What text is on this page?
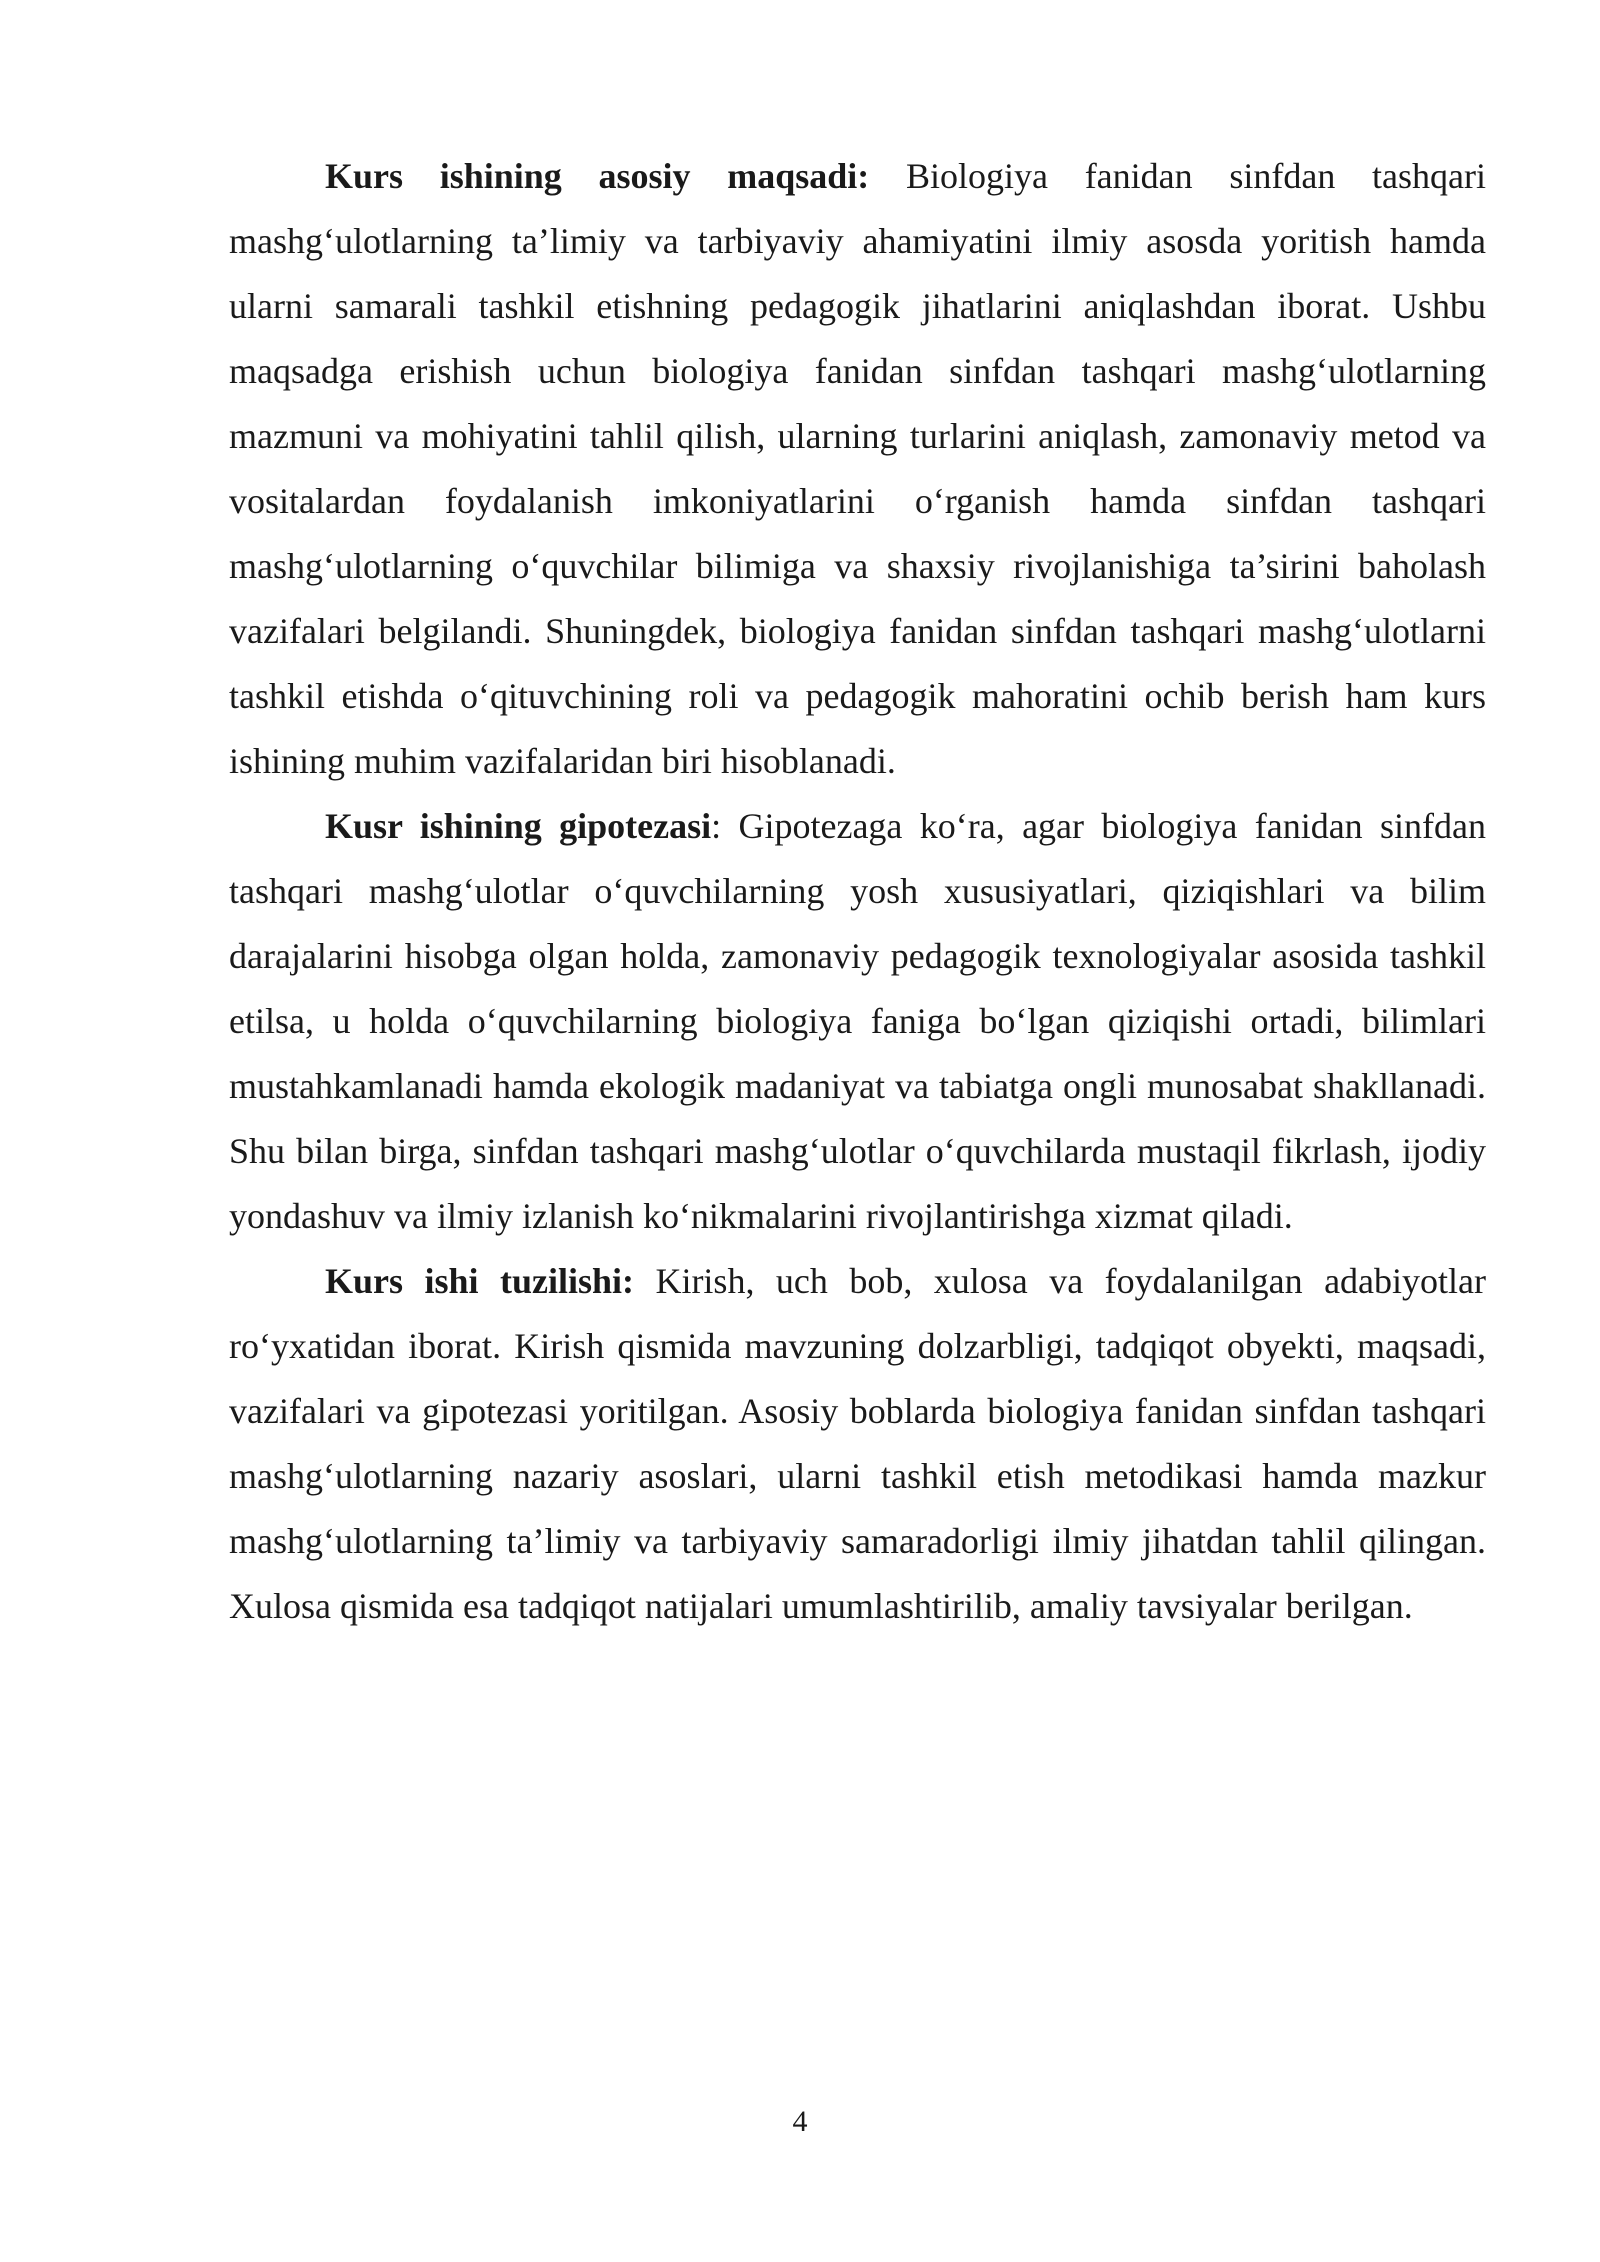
Kurs ishining asosiy maqsadi: Biologiya fanidan sinfdan tashqari mashg‘ulotlarning ta’limiy va tarbiyaviy ahamiyatini ilmiy asosda yoritish hamda ularni samarali tashkil etishning pedagogik jihatlarini aniqlashdan iborat. Ushbu maqsadga erishish uchun biologiya fanidan sinfdan tashqari mashg‘ulotlarning mazmuni va mohiyatini tahlil qilish, ularning turlarini aniqlash, zamonaviy metod va vositalardan foydalanish imkoniyatlarini o‘rganish hamda sinfdan tashqari mashg‘ulotlarning o‘quvchilar bilimiga va shaxsiy rivojlanishiga ta’sirini baholash vazifalari belgilandi. Shuningdek, biologiya fanidan sinfdan tashqari mashg‘ulotlarni tashkil etishda o‘qituvchining roli va pedagogik mahoratini ochib berish ham kurs ishining muhim vazifalaridan biri hisoblanadi.

Kusr ishining gipotezasi: Gipotezaga ko‘ra, agar biologiya fanidan sinfdan tashqari mashg‘ulotlar o‘quvchilarning yosh xususiyatlari, qiziqishlari va bilim darajalarini hisobga olgan holda, zamonaviy pedagogik texnologiyalar asosida tashkil etilsa, u holda o‘quvchilarning biologiya faniga bo‘lgan qiziqishi ortadi, bilimlari mustahkamlanadi hamda ekologik madaniyat va tabiatga ongli munosabat shakllanadi. Shu bilan birga, sinfdan tashqari mashg‘ulotlar o‘quvchilarda mustaqil fikrlash, ijodiy yondashuv va ilmiy izlanish ko‘nikmalarini rivojlantirishga xizmat qiladi.

Kurs ishi tuzilishi: Kirish, uch bob, xulosa va foydalanilgan adabiyotlar ro‘yxatidan iborat. Kirish qismida mavzuning dolzarbligi, tadqiqot obyekti, maqsadi, vazifalari va gipotezasi yoritilgan. Asosiy boblarda biologiya fanidan sinfdan tashqari mashg‘ulotlarning nazariy asoslari, ularni tashkil etish metodikasi hamda mazkur mashg‘ulotlarning ta’limiy va tarbiyaviy samaradorligi ilmiy jihatdan tahlil qilingan. Xulosa qismida esa tadqiqot natijalari umumlashtirilib, amaliy tavsiyalar berilgan.

4
